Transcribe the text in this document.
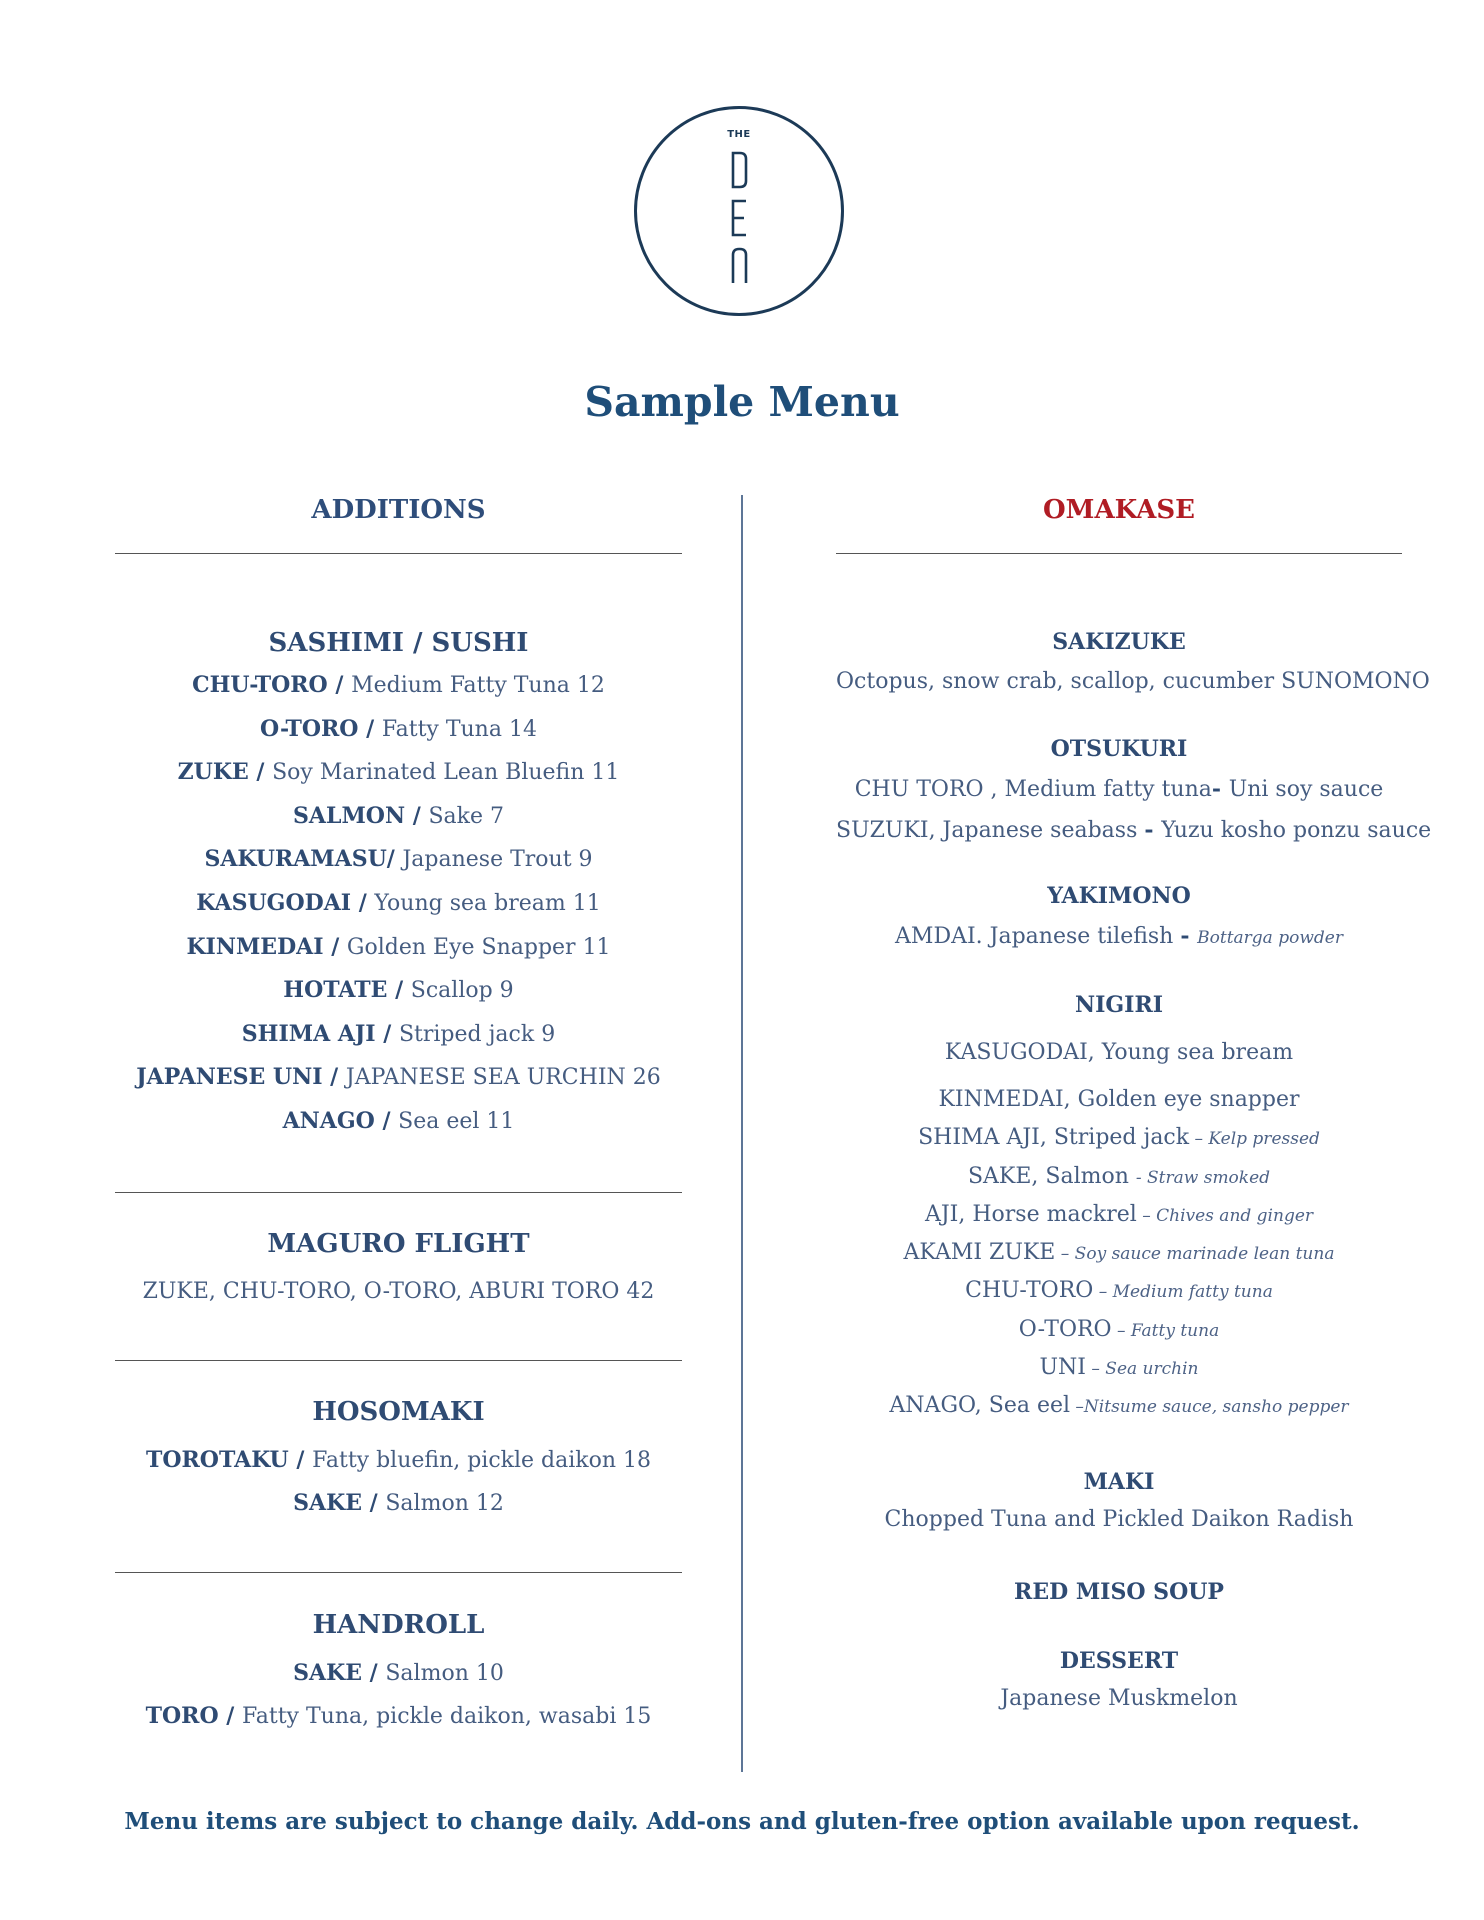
THE
Sample Menu
ADDITIONS
SASHIMI / SUSHI
CHU-TORO / Medium Fatty Tuna 12
O-TORO / Fatty Tuna 14
ZUKE / Soy Marinated Lean Bluefin 11
SALMON / Sake 7
SAKURAMASU/ Japanese Trout 9
KASUGODAI / Young sea bream 11
KINMEDAI / Golden Eye Snapper 11
HOTATE / Scallop 9
SHIMA AJI / Striped jack 9
JAPANESE UNI / JAPANESE SEA URCHIN 26
ANAGO / Sea eel 11
MAGURO FLIGHT
ZUKE, CHU-TORO, O-TORO, ABURI TORO 42
HOSOMAKI
TOROTAKU / Fatty bluefin, pickle daikon 18
SAKE / Salmon 12
HANDROLL
SAKE / Salmon 10
TORO / Fatty Tuna, pickle daikon, wasabi 15
OMAKASE
SAKIZUKE
Octopus, snow crab, scallop, cucumber SUNOMONO
OTSUKURI
CHU TORO , Medium fatty tuna- Uni soy sauce
SUZUKI, Japanese seabass - Yuzu kosho ponzu sauce
YAKIMONO
AMDAI. Japanese tilefish - Bottarga powder
NIGIRI
KASUGODAI, Young sea bream
KINMEDAI, Golden eye snapper
SHIMA AJI, Striped jack – Kelp pressed
SAKE, Salmon - Straw smoked
AJI, Horse mackrel – Chives and ginger
AKAMI ZUKE – Soy sauce marinade lean tuna
CHU-TORO – Medium fatty tuna
O-TORO – Fatty tuna
UNI – Sea urchin
ANAGO, Sea eel –Nitsume sauce, sansho pepper
MAKI
Chopped Tuna and Pickled Daikon Radish
RED MISO SOUP
DESSERT
Japanese Muskmelon
Menu items are subject to change daily. Add-ons and gluten-free option available upon request.
